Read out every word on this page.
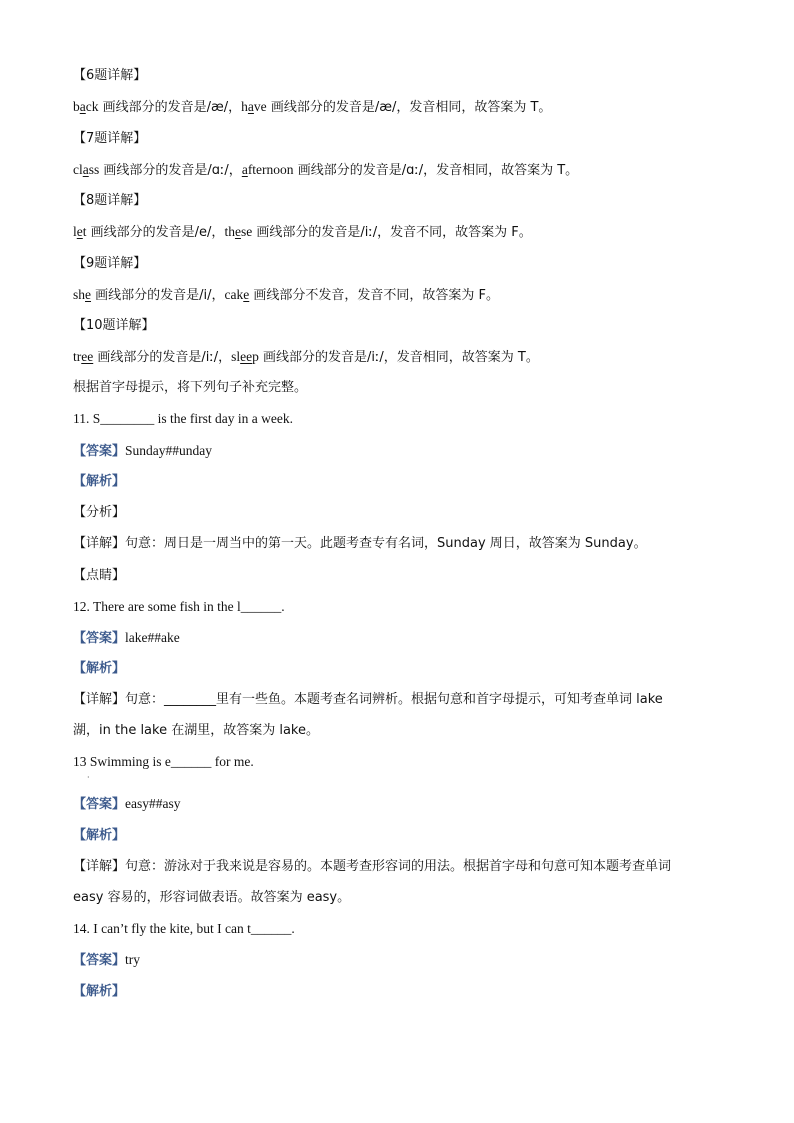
【6题详解】
back 画线部分的发音是/æ/，have 画线部分的发音是/æ/，发音相同，故答案为 T。
【7题详解】
class 画线部分的发音是/ɑː/，afternoon 画线部分的发音是/ɑː/，发音相同，故答案为 T。
【8题详解】
let 画线部分的发音是/e/，these 画线部分的发音是/iː/，发音不同，故答案为 F。
【9题详解】
she 画线部分的发音是/i/，cake 画线部分不发音，发音不同，故答案为 F。
【10题详解】
tree 画线部分的发音是/iː/，sleep 画线部分的发音是/iː/，发音相同，故答案为 T。
根据首字母提示，将下列句子补充完整。
11. S________ is the first day in a week.
【答案】Sunday##unday
【解析】
【分析】
【详解】句意：周日是一周当中的第一天。此题考查专有名词，Sunday 周日，故答案为 Sunday。
【点睛】
12. There are some fish in the l______.
【答案】lake##ake
【解析】
【详解】句意：________里有一些鱼。本题考查名词辨析。根据句意和首字母提示，可知考查单词 lake
湖，in the lake 在湖里，故答案为 lake。
13 Swimming is e______ for me.
·
【答案】easy##asy
【解析】
【详解】句意：游泳对于我来说是容易的。本题考查形容词的用法。根据首字母和句意可知本题考查单词
easy 容易的，形容词做表语。故答案为 easy。
14. I can’t fly the kite, but I can t______.
【答案】try
【解析】
